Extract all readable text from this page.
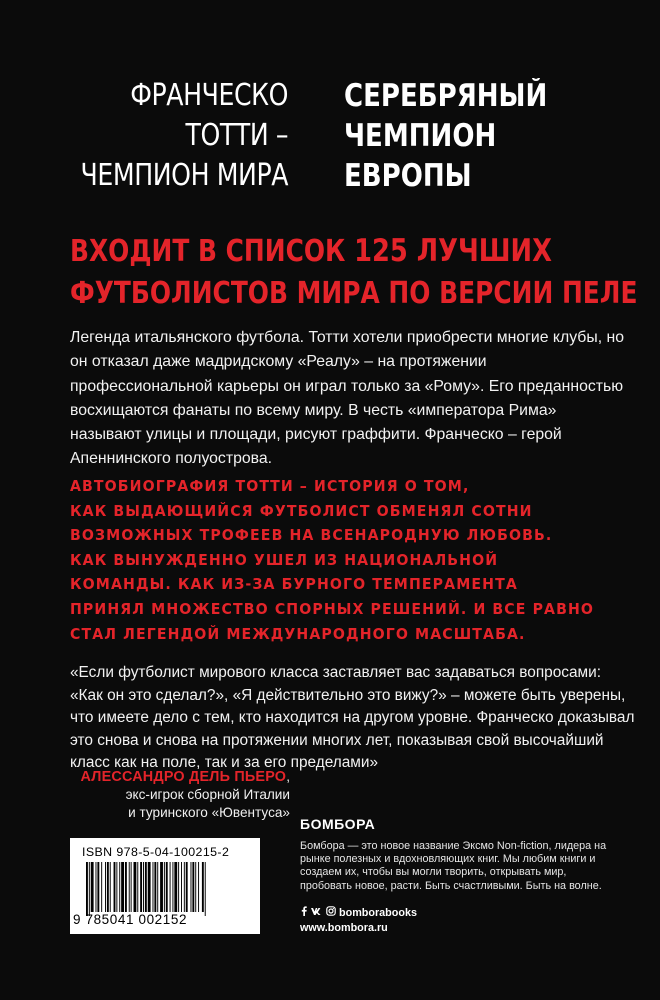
ФРАНЧЕСКО
ТОТТИ –
ЧЕМПИОН МИРА
СЕРЕБРЯНЫЙ
ЧЕМПИОН
ЕВРОПЫ
ВХОДИТ В СПИСОК 125 ЛУЧШИХ
ФУТБОЛИСТОВ МИРА ПО ВЕРСИИ ПЕЛЕ
Легенда итальянского футбола. Тотти хотели приобрести многие клубы, но он отказал даже мадридскому «Реалу» – на протяжении профессиональной карьеры он играл только за «Рому». Его преданностью восхищаются фанаты по всему миру. В честь «императора Рима» называют улицы и площади, рисуют граффити. Франческо – герой Апеннинского полуострова.
АВТОБИОГРАФИЯ ТОТТИ – ИСТОРИЯ О ТОМ,
КАК ВЫДАЮЩИЙСЯ ФУТБОЛИСТ ОБМЕНЯЛ СОТНИ
ВОЗМОЖНЫХ ТРОФЕЕВ НА ВСЕНАРОДНУЮ ЛЮБОВЬ.
КАК ВЫНУЖДЕННО УШЕЛ ИЗ НАЦИОНАЛЬНОЙ
КОМАНДЫ. КАК ИЗ-ЗА БУРНОГО ТЕМПЕРАМЕНТА
ПРИНЯЛ МНОЖЕСТВО СПОРНЫХ РЕШЕНИЙ. И ВСЕ РАВНО
СТАЛ ЛЕГЕНДОЙ МЕЖДУНАРОДНОГО МАСШТАБА.
«Если футболист мирового класса заставляет вас задаваться вопросами: «Как он это сделал?», «Я действительно это вижу?» – можете быть уверены, что имеете дело с тем, кто находится на другом уровне. Франческо доказывал это снова и снова на протяжении многих лет, показывая свой высочайший класс как на поле, так и за его пределами»
АЛЕССАНДРО ДЕЛЬ ПЬЕРО,
экс-игрок сборной Италии
и туринского «Ювентуса»
ISBN 978-5-04-100215-2
9 785041 002152
БОМБОРА
Бомбора — это новое название Эксмо Non-fiction, лидера на рынке полезных и вдохновляющих книг. Мы любим книги и создаем их, чтобы вы могли творить, открывать мир, пробовать новое, расти. Быть счастливыми. Быть на волне.
bomborabooks
www.bombora.ru
